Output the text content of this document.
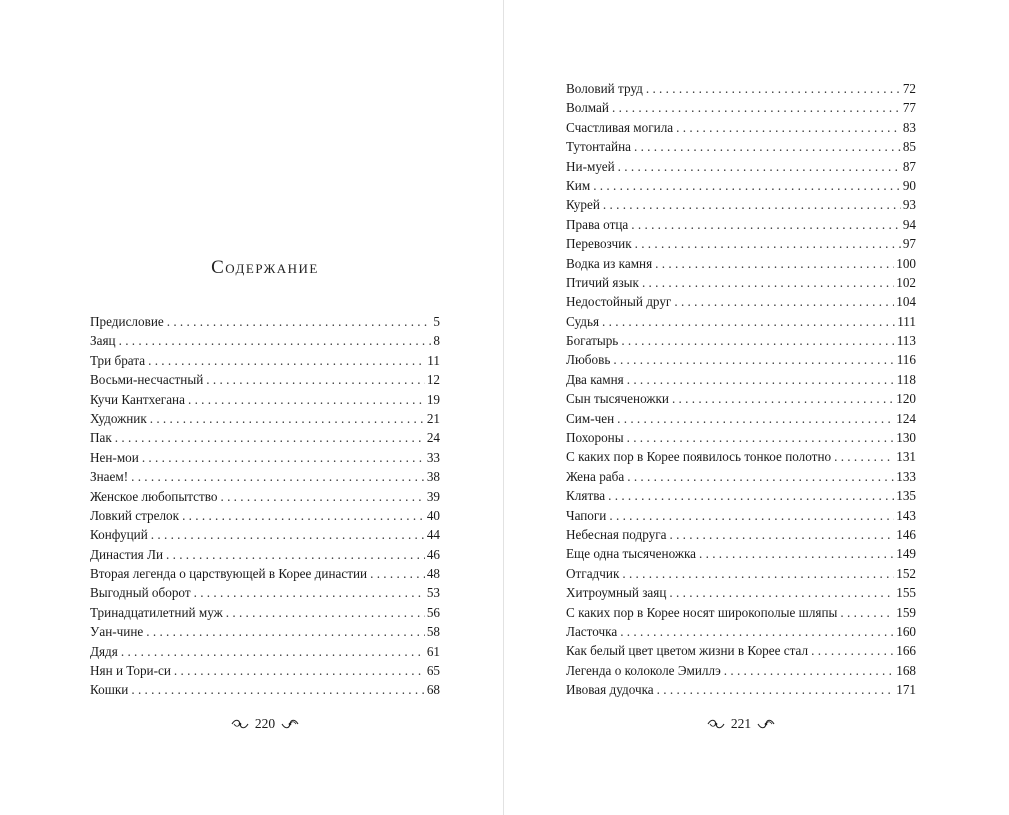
Содержание
Предисловие . . .	5
Заяц . . .	8
Три брата . . .	11
Восьми-несчастный . . .	12
Кучи Кантхегана . . .	19
Художник . . .	21
Пак . . .	24
Нен-мои . . .	33
Знаем! . . .	38
Женское любопытство . . .	39
Ловкий стрелок . . .	40
Конфуций . . .	44
Династия Ли . . .	46
Вторая легенда о царствующей в Корее династии . . .	48
Выгодный оборот . . .	53
Тринадцатилетний муж . . .	56
Уан-чине . . .	58
Дядя . . .	61
Нян и Тори-си . . .	65
Кошки . . .	68
220
Воловий труд . . .	72
Волмай . . .	77
Счастливая могила . . .	83
Тутонтайна . . .	85
Ни-муей . . .	87
Ким . . .	90
Курей . . .	93
Права отца . . .	94
Перевозчик . . .	97
Водка из камня . . .	100
Птичий язык . . .	102
Недостойный друг . . .	104
Судья . . .	111
Богатырь . . .	113
Любовь . . .	116
Два камня . . .	118
Сын тысяченожки . . .	120
Сим-чен . . .	124
Похороны . . .	130
С каких пор в Корее появилось тонкое полотно . . .	131
Жена раба . . .	133
Клятва . . .	135
Чапоги . . .	143
Небесная подруга . . .	146
Еще одна тысяченожка . . .	149
Отгадчик . . .	152
Хитроумный заяц . . .	155
С каких пор в Корее носят широкополые шляпы . . .	159
Ласточка . . .	160
Как белый цвет цветом жизни в Корее стал . . .	166
Легенда о колоколе Эмиллэ . . .	168
Ивовая дудочка . . .	171
221
